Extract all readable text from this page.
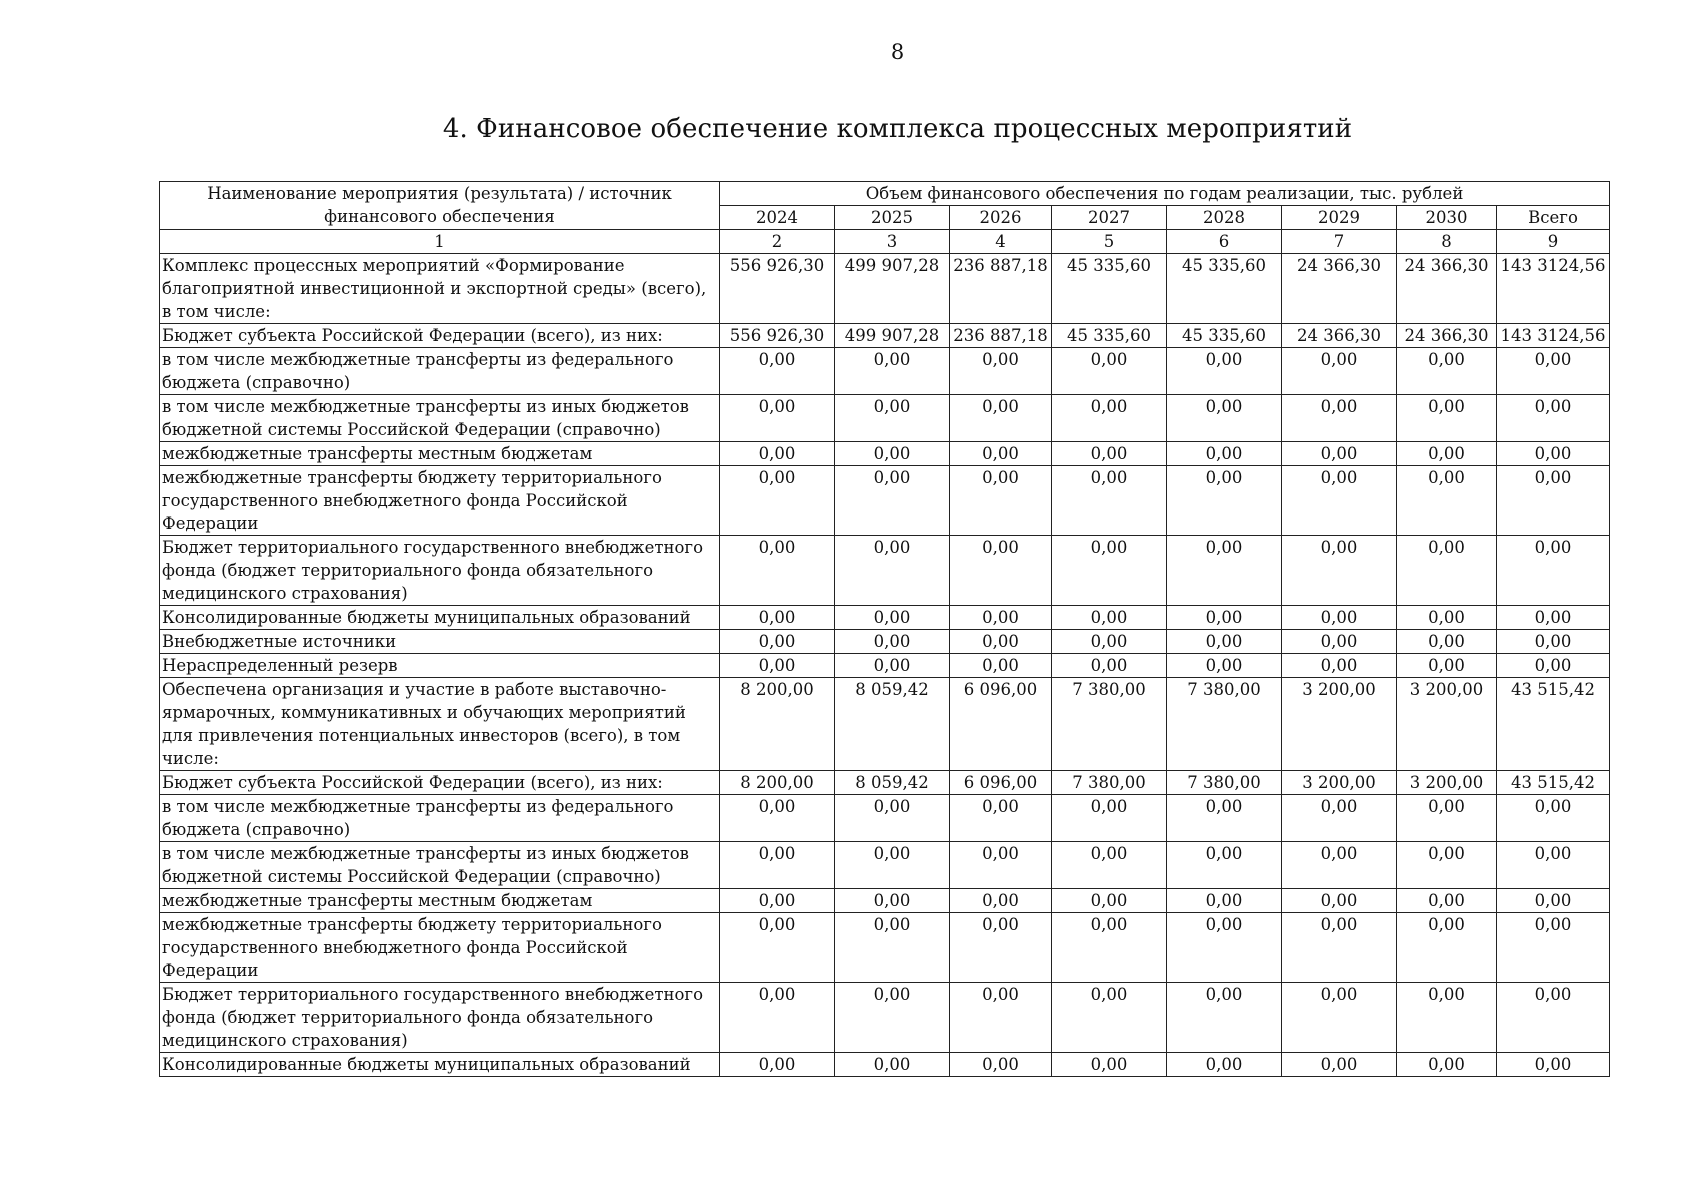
8
4. Финансовое обеспечение комплекса процессных мероприятий
Наименование мероприятия (результата) / источник финансового обеспечения	Объем финансового обеспечения по годам реализации, тыс. рублей							
	2024	2025	2026	2027	2028	2029	2030	Всего
1	2	3	4	5	6	7	8	9
Комплекс процессных мероприятий «Формирование благоприятной инвестиционной и экспортной среды» (всего), в том числе:	556 926,30	499 907,28	236 887,18	45 335,60	45 335,60	24 366,30	24 366,30	143 3124,56
Бюджет субъекта Российской Федерации (всего), из них:	556 926,30	499 907,28	236 887,18	45 335,60	45 335,60	24 366,30	24 366,30	143 3124,56
в том числе межбюджетные трансферты из федерального бюджета (справочно)	0,00	0,00	0,00	0,00	0,00	0,00	0,00	0,00
в том числе межбюджетные трансферты из иных бюджетов бюджетной системы Российской Федерации (справочно)	0,00	0,00	0,00	0,00	0,00	0,00	0,00	0,00
межбюджетные трансферты местным бюджетам	0,00	0,00	0,00	0,00	0,00	0,00	0,00	0,00
межбюджетные трансферты бюджету территориального государственного внебюджетного фонда Российской Федерации	0,00	0,00	0,00	0,00	0,00	0,00	0,00	0,00
Бюджет территориального государственного внебюджетного фонда (бюджет территориального фонда обязательного медицинского страхования)	0,00	0,00	0,00	0,00	0,00	0,00	0,00	0,00
Консолидированные бюджеты муниципальных образований	0,00	0,00	0,00	0,00	0,00	0,00	0,00	0,00
Внебюджетные источники	0,00	0,00	0,00	0,00	0,00	0,00	0,00	0,00
Нераспределенный резерв	0,00	0,00	0,00	0,00	0,00	0,00	0,00	0,00
Обеспечена организация и участие в работе выставочно-ярмарочных, коммуникативных и обучающих мероприятий для привлечения потенциальных инвесторов (всего), в том числе:	8 200,00	8 059,42	6 096,00	7 380,00	7 380,00	3 200,00	3 200,00	43 515,42
Бюджет субъекта Российской Федерации (всего), из них:	8 200,00	8 059,42	6 096,00	7 380,00	7 380,00	3 200,00	3 200,00	43 515,42
в том числе межбюджетные трансферты из федерального бюджета (справочно)	0,00	0,00	0,00	0,00	0,00	0,00	0,00	0,00
в том числе межбюджетные трансферты из иных бюджетов бюджетной системы Российской Федерации (справочно)	0,00	0,00	0,00	0,00	0,00	0,00	0,00	0,00
межбюджетные трансферты местным бюджетам	0,00	0,00	0,00	0,00	0,00	0,00	0,00	0,00
межбюджетные трансферты бюджету территориального государственного внебюджетного фонда Российской Федерации	0,00	0,00	0,00	0,00	0,00	0,00	0,00	0,00
Бюджет территориального государственного внебюджетного фонда (бюджет территориального фонда обязательного медицинского страхования)	0,00	0,00	0,00	0,00	0,00	0,00	0,00	0,00
Консолидированные бюджеты муниципальных образований	0,00	0,00	0,00	0,00	0,00	0,00	0,00	0,00
